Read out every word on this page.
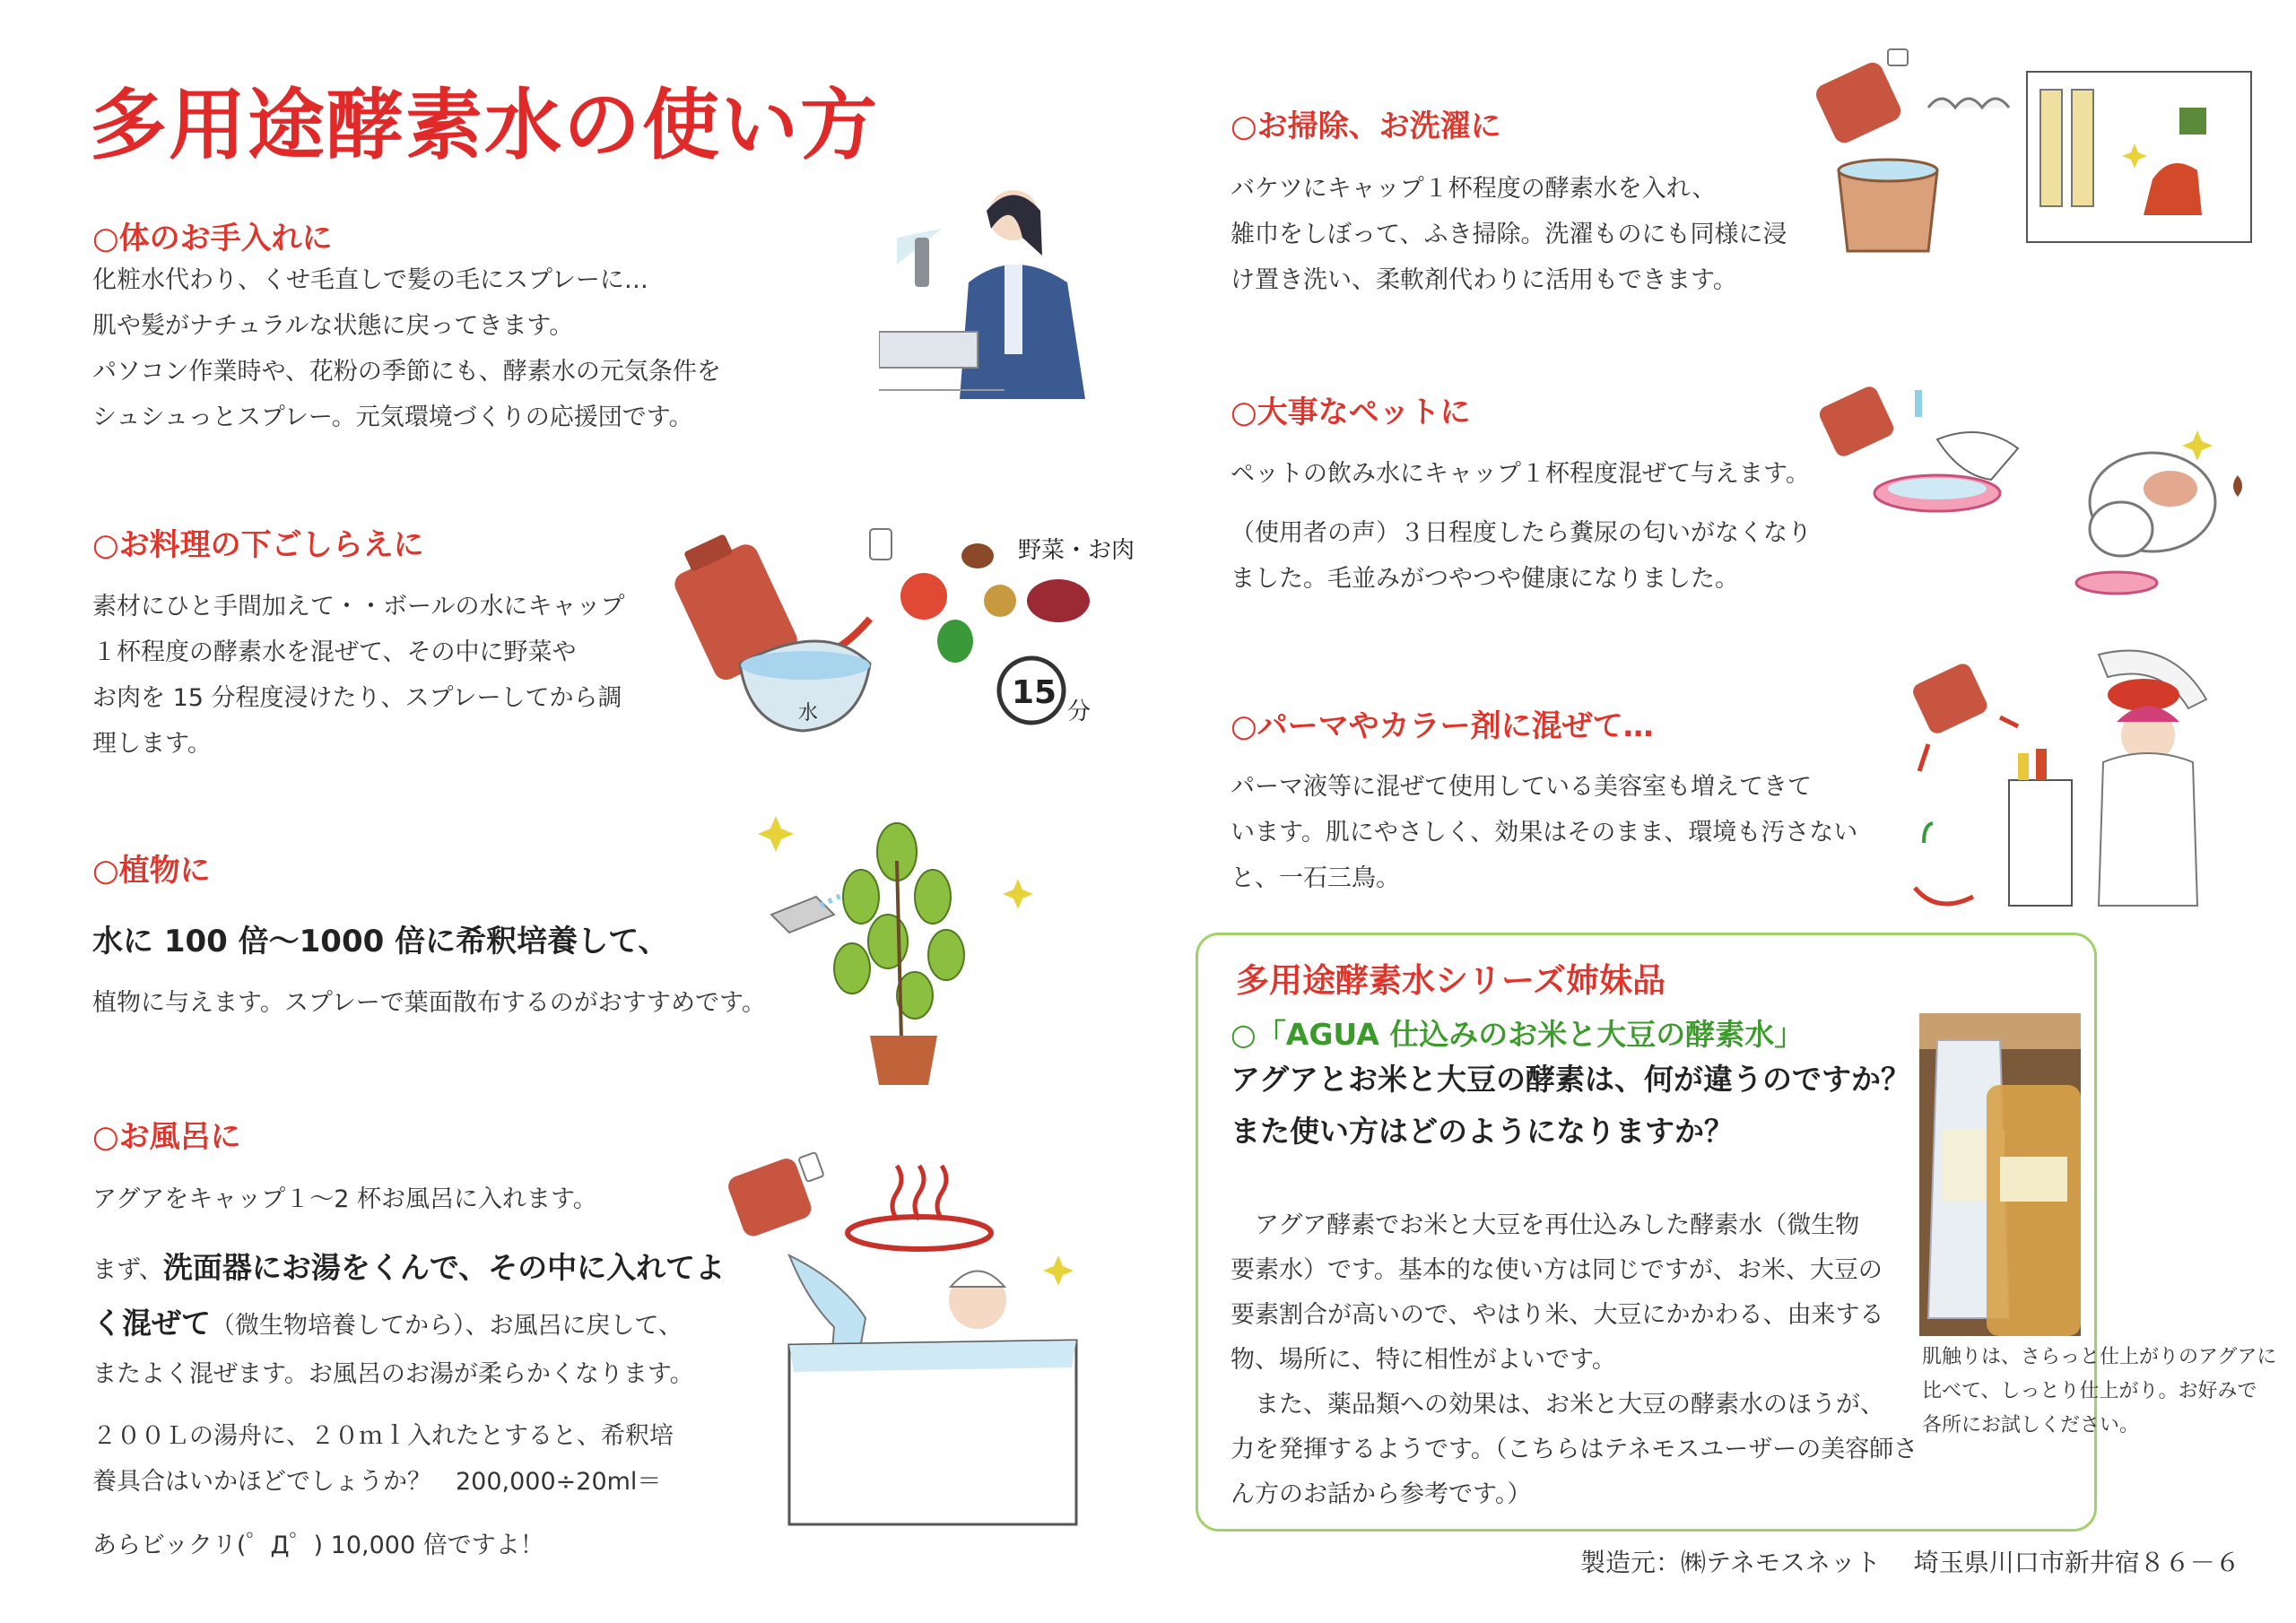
多用途酵素水の使い方
○体のお手入れに

化粧水代わり、くせ毛直しで髪の毛にスプレーに…

肌や髪がナチュラルな状態に戻ってきます。

パソコン作業時や、花粉の季節にも、酵素水の元気条件を

シュシュっとスプレー。元気環境づくりの応援団です。

○お料理の下ごしらえに

素材にひと手間加えて・・ボールの水にキャップ

１杯程度の酵素水を混ぜて、その中に野菜や

お肉を 15 分程度浸けたり、スプレーしてから調

理します。

野菜・お肉
水
15
分
○植物に
水に 100 倍～1000 倍に希釈培養して、
植物に与えます。スプレーで葉面散布するのがおすすめです。
○お風呂に
アグアをキャップ１～2 杯お風呂に入れます。
まず、洗面器にお湯をくんで、その中に入れてよ
く混ぜて（微生物培養してから）、お風呂に戻して、
またよく混ぜます。お風呂のお湯が柔らかくなります。
２００Ｌの湯舟に、２０ｍｌ入れたとすると、希釈培
養具合はいかほどでしょうか？　200,000÷20ml＝
あらビックリ(゜Д゜) 10,000 倍ですよ！
○お掃除、お洗濯に

バケツにキャップ１杯程度の酵素水を入れ、

雑巾をしぼって、ふき掃除。洗濯ものにも同様に浸

け置き洗い、柔軟剤代わりに活用もできます。

○大事なペットに
ペットの飲み水にキャップ１杯程度混ぜて与えます。
（使用者の声）３日程度したら糞尿の匂いがなくなり
ました。毛並みがつやつや健康になりました。
○パーマやカラー剤に混ぜて…

パーマ液等に混ぜて使用している美容室も増えてきて

います。肌にやさしく、効果はそのまま、環境も汚さない

と、一石三鳥。

多用途酵素水シリーズ姉妹品
○「AGUA 仕込みのお米と大豆の酵素水」
アグアとお米と大豆の酵素は、何が違うのですか？
また使い方はどのようになりますか？

　アグア酵素でお米と大豆を再仕込みした酵素水（微生物

要素水）です。基本的な使い方は同じですが、お米、大豆の

要素割合が高いので、やはり米、大豆にかかわる、由来する

物、場所に、特に相性がよいです。

　また、薬品類への効果は、お米と大豆の酵素水のほうが、

力を発揮するようです。（こちらはテネモスユーザーの美容師さ

ん方のお話から参考です。）

肌触りは、さらっと仕上がりのアグアに
比べて、しっとり仕上がり。お好みで
各所にお試しください。
製造元：㈱テネモスネット　 埼玉県川口市新井宿８６－６
